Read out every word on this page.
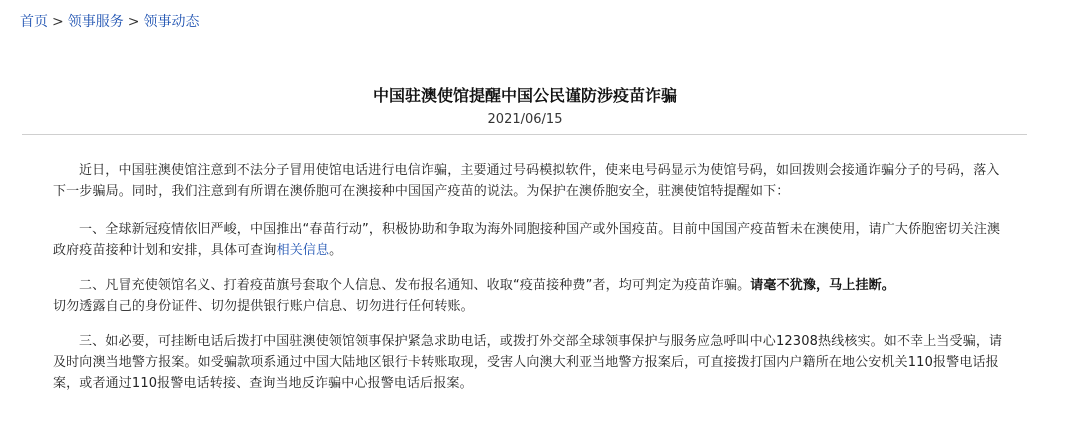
首页 > 领事服务 > 领事动态
中国驻澳使馆提醒中国公民谨防涉疫苗诈骗
2021/06/15

近日，中国驻澳使馆注意到不法分子冒用使馆电话进行电信诈骗，主要通过号码模拟软件，使来电号码显示为使馆号码，如回拨则会接通诈骗分子的号码，落入下一步骗局。同时，我们注意到有所谓在澳侨胞可在澳接种中国国产疫苗的说法。为保护在澳侨胞安全，驻澳使馆特提醒如下：

一、全球新冠疫情依旧严峻，中国推出“春苗行动”，积极协助和争取为海外同胞接种国产或外国疫苗。目前中国国产疫苗暂未在澳使用，请广大侨胞密切关注澳政府疫苗接种计划和安排，具体可查询相关信息。

二、凡冒充使领馆名义、打着疫苗旗号套取个人信息、发布报名通知、收取“疫苗接种费”者，均可判定为疫苗诈骗。请毫不犹豫，马上挂断。
切勿透露自己的身份证件、切勿提供银行账户信息、切勿进行任何转账。

三、如必要，可挂断电话后拨打中国驻澳使领馆领事保护紧急求助电话，或拨打外交部全球领事保护与服务应急呼叫中心12308热线核实。如不幸上当受骗，请及时向澳当地警方报案。如受骗款项系通过中国大陆地区银行卡转账取现，受害人向澳大利亚当地警方报案后，可直接拨打国内户籍所在地公安机关110报警电话报案，或者通过110报警电话转接、查询当地反诈骗中心报警电话后报案。
